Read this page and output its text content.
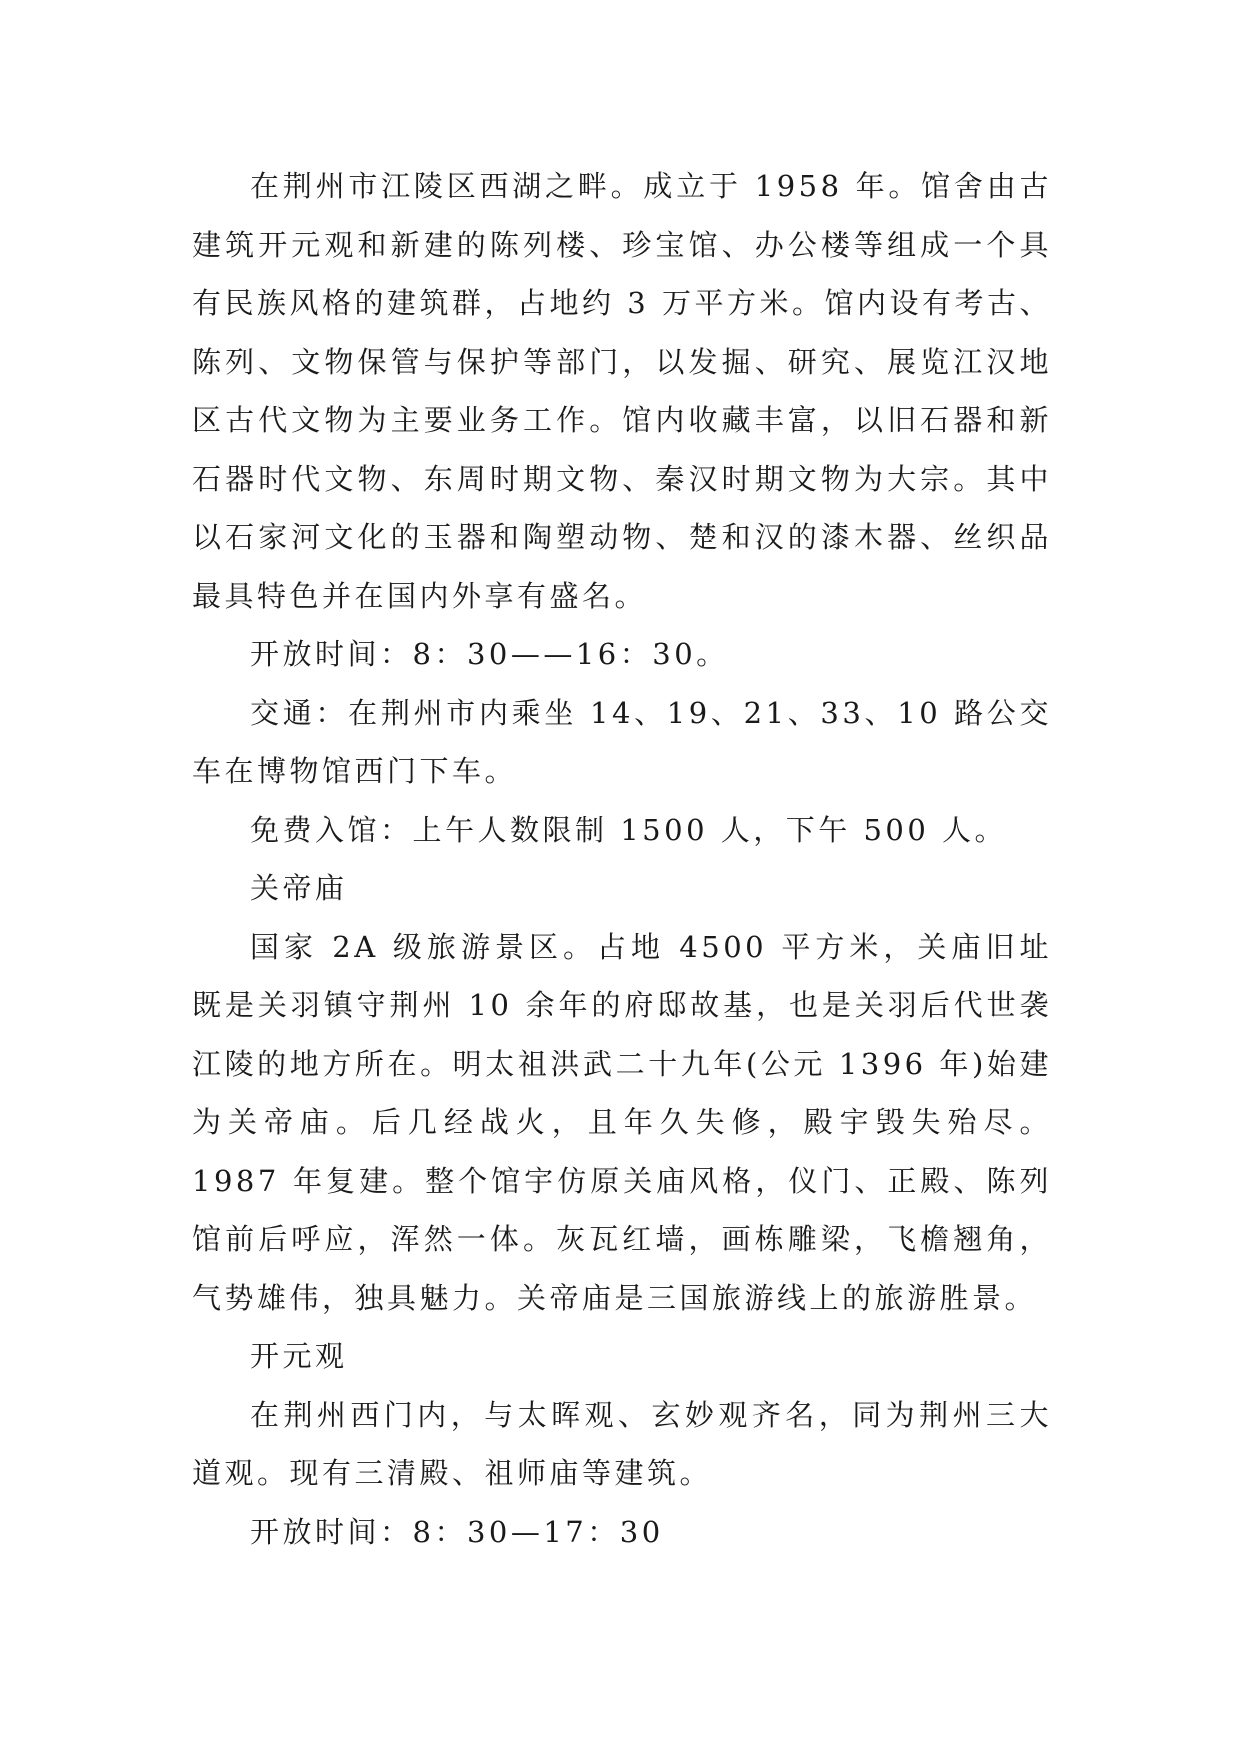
在荆州市江陵区西湖之畔。成立于 1958 年。馆舍由古建筑开元观和新建的陈列楼、珍宝馆、办公楼等组成一个具有民族风格的建筑群，占地约 3 万平方米。馆内设有考古、陈列、文物保管与保护等部门，以发掘、研究、展览江汉地区古代文物为主要业务工作。馆内收藏丰富，以旧石器和新石器时代文物、东周时期文物、秦汉时期文物为大宗。其中以石家河文化的玉器和陶塑动物、楚和汉的漆木器、丝织品最具特色并在国内外享有盛名。

开放时间：8：30——16：30。

交通：在荆州市内乘坐 14、19、21、33、10 路公交车在博物馆西门下车。

免费入馆：上午人数限制 1500 人，下午 500 人。

关帝庙

国家 2A 级旅游景区。占地 4500 平方米，关庙旧址既是关羽镇守荆州 10 余年的府邸故基，也是关羽后代世袭江陵的地方所在。明太祖洪武二十九年(公元 1396 年)始建为关帝庙。后几经战火，且年久失修，殿宇毁失殆尽。1987 年复建。整个馆宇仿原关庙风格，仪门、正殿、陈列馆前后呼应，浑然一体。灰瓦红墙，画栋雕梁，飞檐翘角，气势雄伟，独具魅力。关帝庙是三国旅游线上的旅游胜景。

开元观

在荆州西门内，与太晖观、玄妙观齐名，同为荆州三大道观。现有三清殿、祖师庙等建筑。

开放时间：8：30—17：30
